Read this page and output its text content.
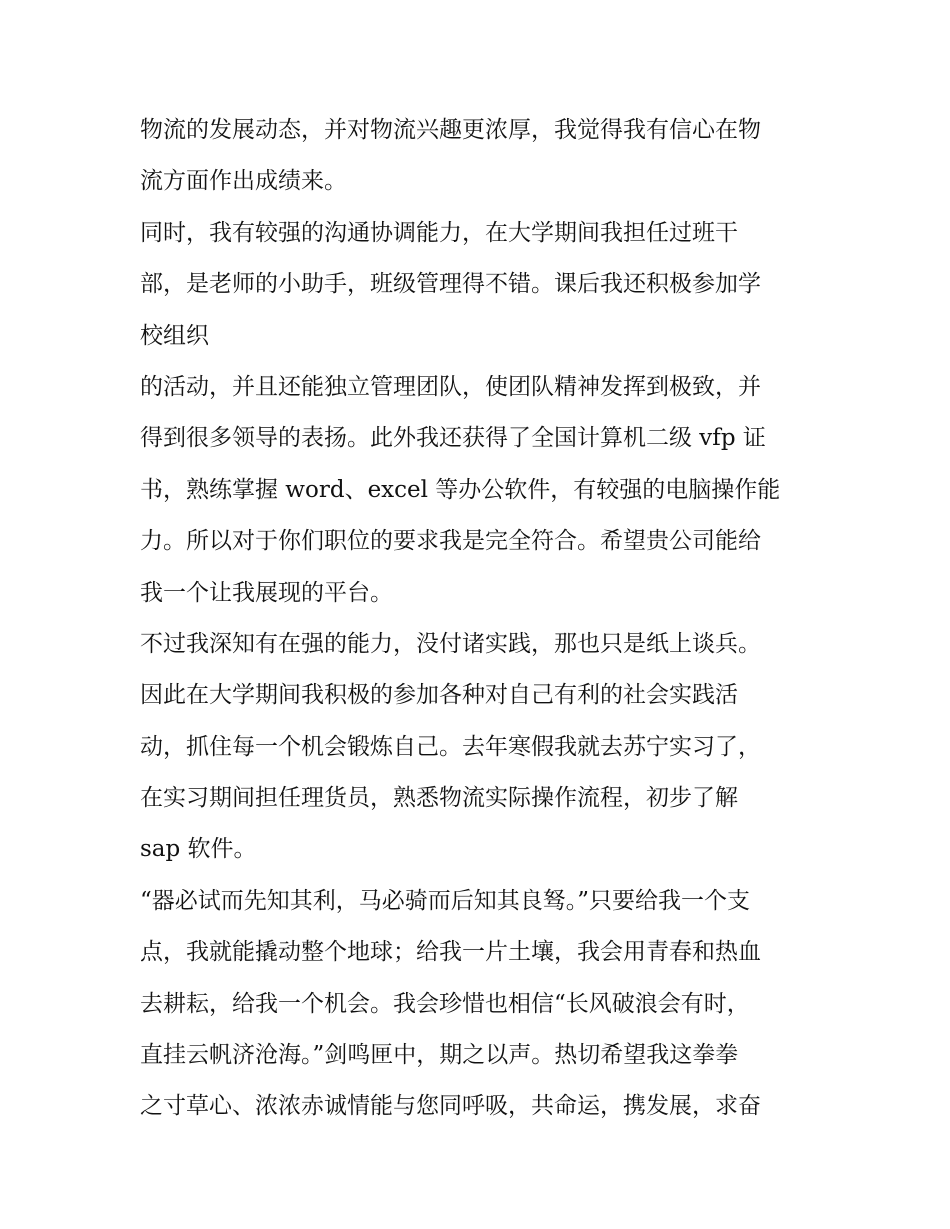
物流的发展动态，并对物流兴趣更浓厚，我觉得我有信心在物
流方面作出成绩来。
同时，我有较强的沟通协调能力，在大学期间我担任过班干
部，是老师的小助手，班级管理得不错。课后我还积极参加学
校组织
的活动，并且还能独立管理团队，使团队精神发挥到极致，并
得到很多领导的表扬。此外我还获得了全国计算机二级 vfp 证
书，熟练掌握 word、excel 等办公软件，有较强的电脑操作能
力。所以对于你们职位的要求我是完全符合。希望贵公司能给
我一个让我展现的平台。
不过我深知有在强的能力，没付诸实践，那也只是纸上谈兵。
因此在大学期间我积极的参加各种对自己有利的社会实践活
动，抓住每一个机会锻炼自己。去年寒假我就去苏宁实习了，
在实习期间担任理货员，熟悉物流实际操作流程，初步了解
sap 软件。
“器必试而先知其利，马必骑而后知其良驽。”只要给我一个支
点，我就能撬动整个地球；给我一片土壤，我会用青春和热血
去耕耘，给我一个机会。我会珍惜也相信“长风破浪会有时，
直挂云帆济沧海。”剑鸣匣中，期之以声。热切希望我这拳拳
之寸草心、浓浓赤诚情能与您同呼吸，共命运，携发展，求奋
